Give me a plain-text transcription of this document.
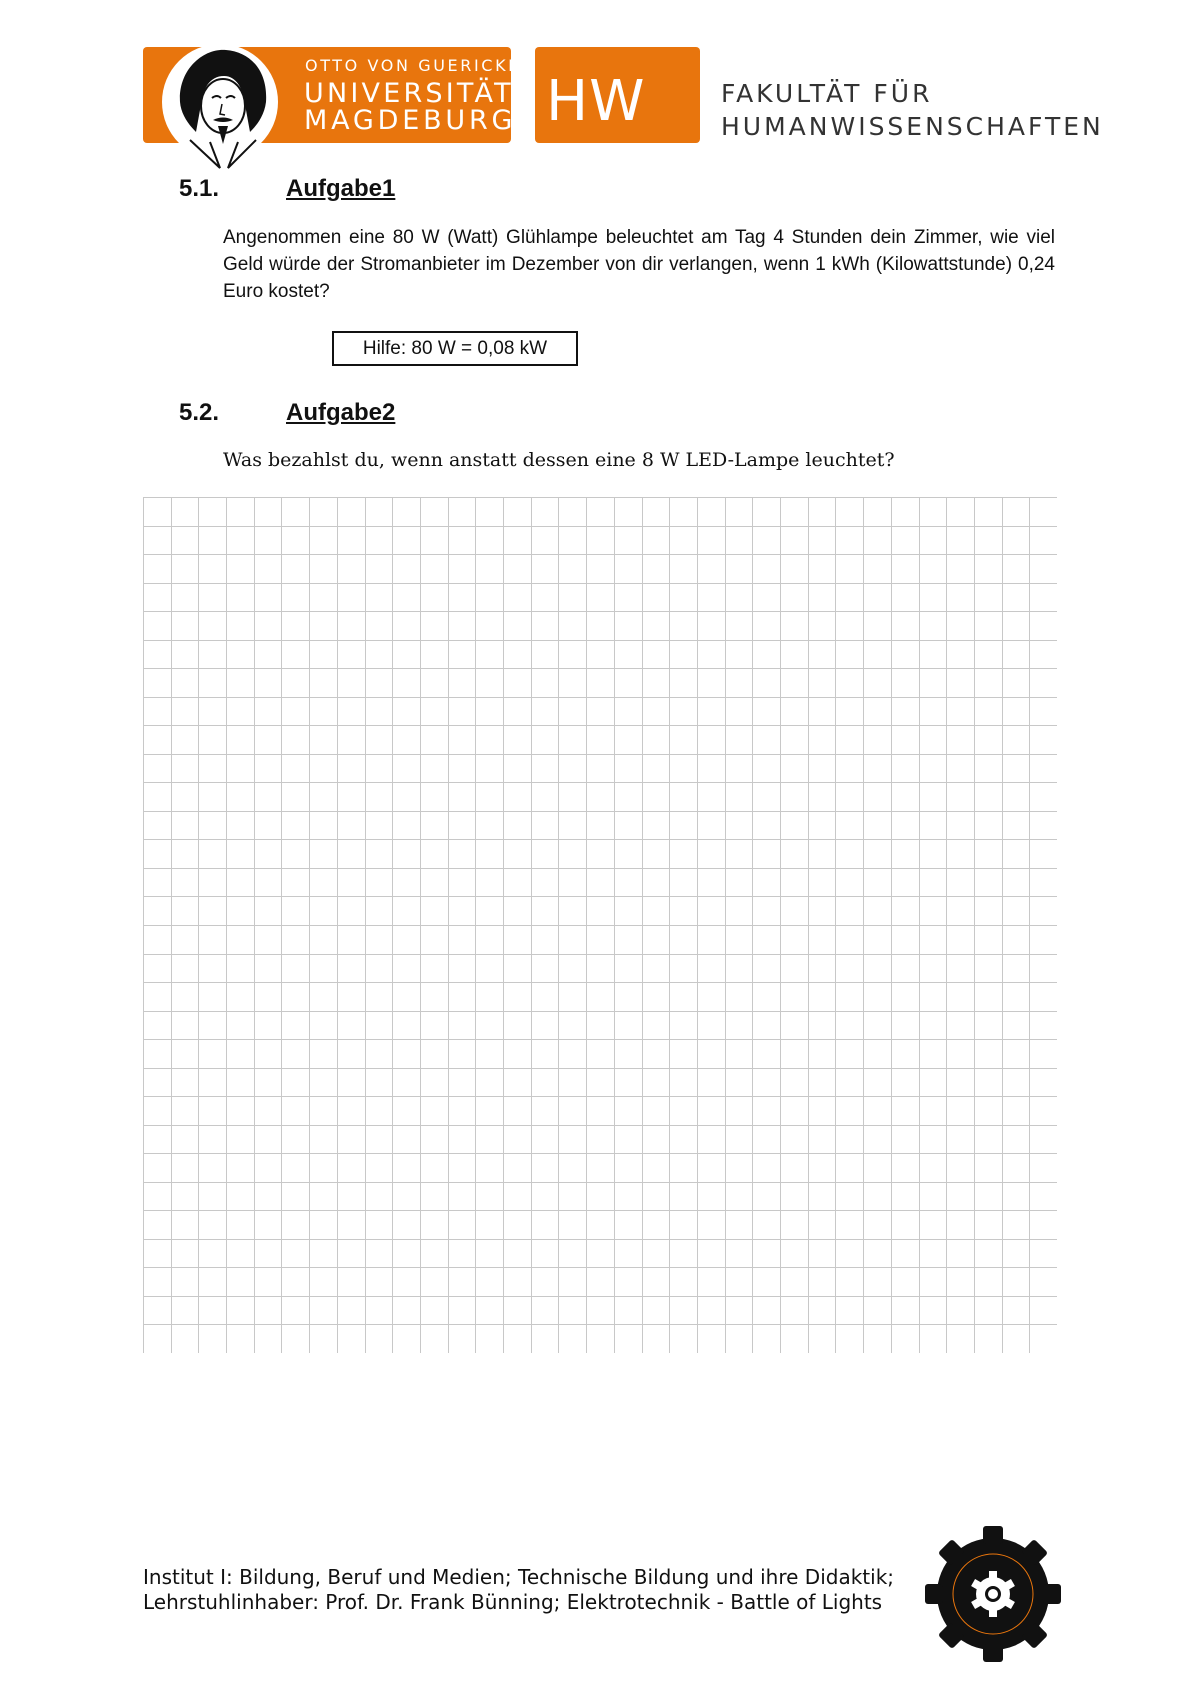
OTTO VON GUERICKE
UNIVERSITÄT
MAGDEBURG HW	FAKULTÄT FÜR
HUMANWISSENSCHAFTEN
5.1.	Aufgabe1
Angenommen eine 80 W (Watt) Glühlampe beleuchtet am Tag 4 Stunden dein Zimmer, wie viel Geld würde der Stromanbieter im Dezember von dir verlangen, wenn 1 kWh (Kilowattstunde) 0,24 Euro kostet?
Hilfe: 80 W = 0,08 kW
5.2.	Aufgabe2
Was bezahlst du, wenn anstatt dessen eine 8 W LED-Lampe leuchtet?
Institut I: Bildung, Beruf und Medien; Technische Bildung und ihre Didaktik;
Lehrstuhlinhaber: Prof. Dr. Frank Bünning; Elektrotechnik - Battle of Lights
